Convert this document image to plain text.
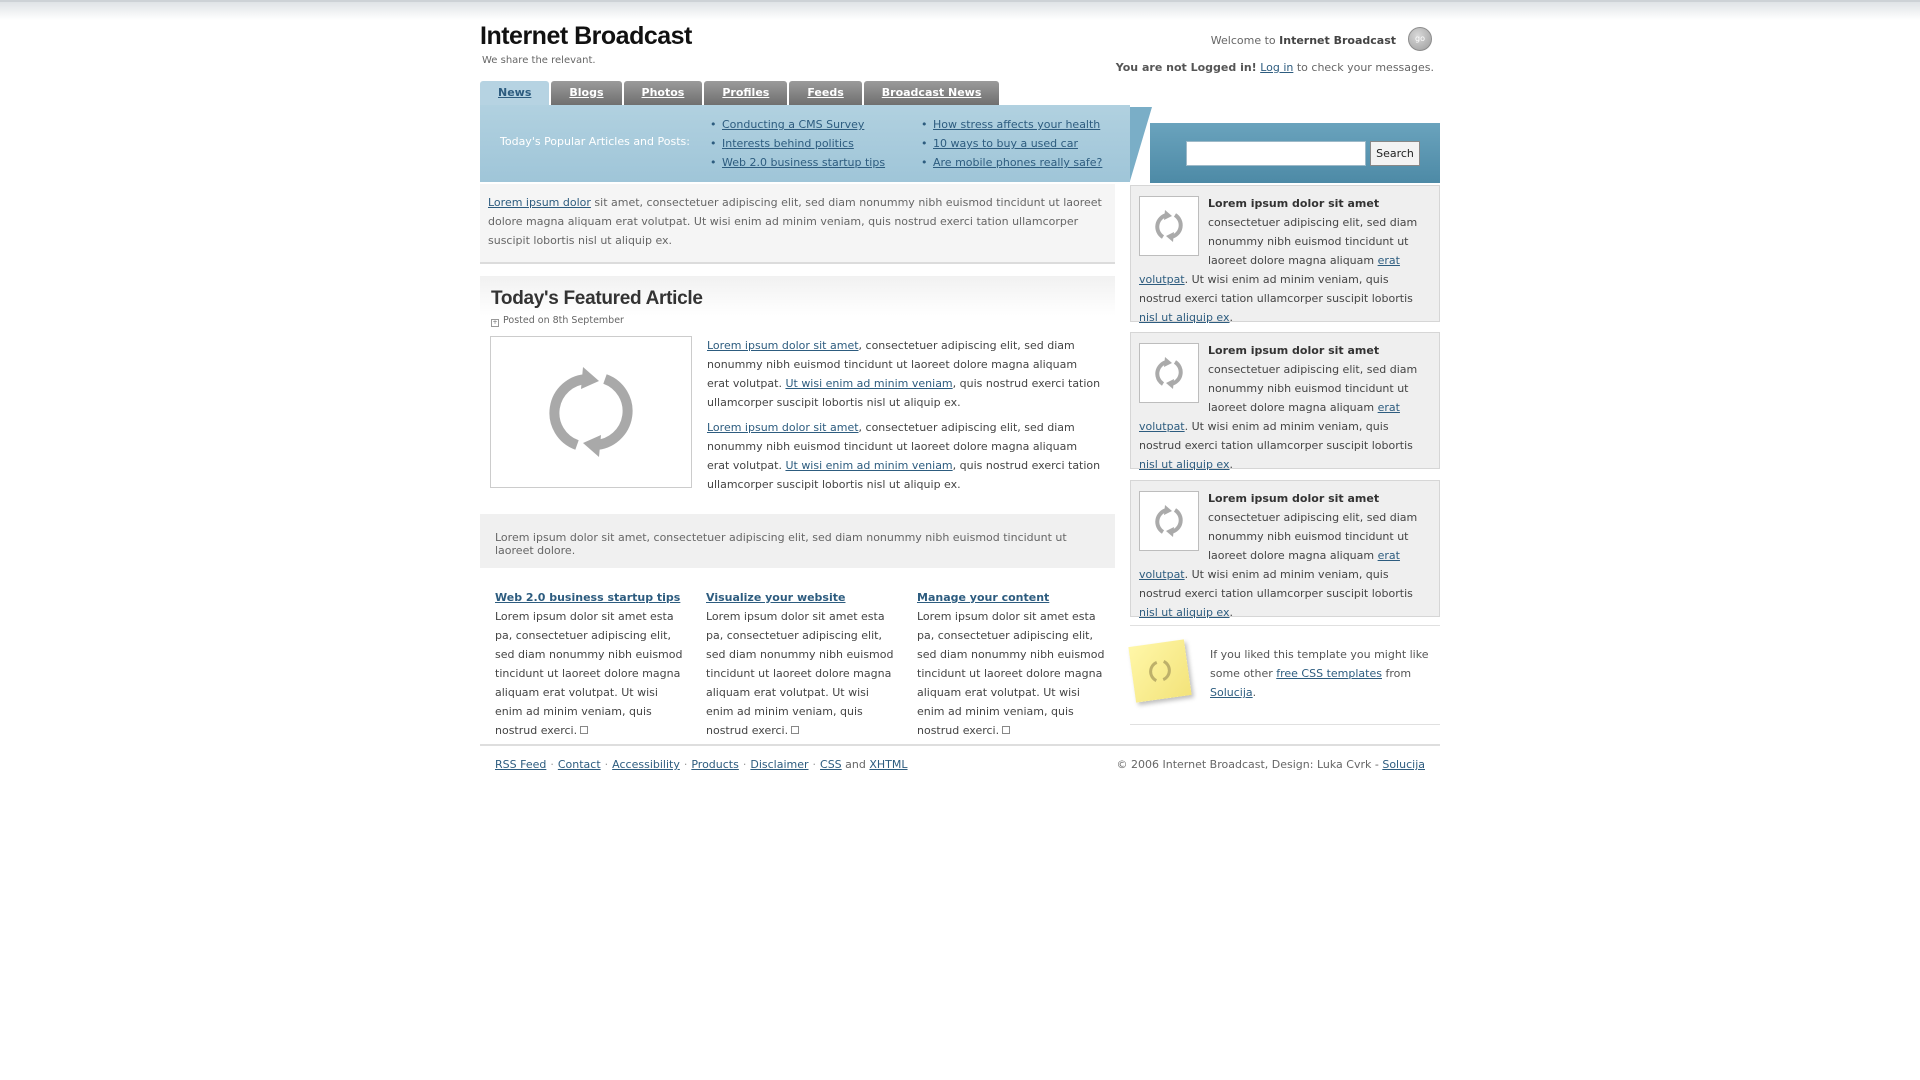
Internet Broadcast
We share the relevant.
Welcome to Internet Broadcast	go
You are not Logged in! Log in to check your messages.
News	Blogs	Photos	Profiles	Feeds	Broadcast News
Today's Popular Articles and Posts:
• Conducting a CMS Survey
• Interests behind politics
• Web 2.0 business startup tips
• How stress affects your health
• 10 ways to buy a used car
• Are mobile phones really safe?
Search
Lorem ipsum dolor sit amet, consectetuer adipiscing elit, sed diam nonummy nibh euismod tincidunt ut laoreet dolore magna aliquam erat volutpat. Ut wisi enim ad minim veniam, quis nostrud exerci tation ullamcorper suscipit lobortis nisl ut aliquip ex.
Today's Featured Article
+ Posted on 8th September

Lorem ipsum dolor sit amet, consectetuer adipiscing elit, sed diam nonummy nibh euismod tincidunt ut laoreet dolore magna aliquam erat volutpat. Ut wisi enim ad minim veniam, quis nostrud exerci tation ullamcorper suscipit lobortis nisl ut aliquip ex.

Lorem ipsum dolor sit amet, consectetuer adipiscing elit, sed diam nonummy nibh euismod tincidunt ut laoreet dolore magna aliquam erat volutpat. Ut wisi enim ad minim veniam, quis nostrud exerci tation ullamcorper suscipit lobortis nisl ut aliquip ex.

Lorem ipsum dolor sit amet, consectetuer adipiscing elit, sed diam nonummy nibh euismod tincidunt ut laoreet dolore.
Web 2.0 business startup tips
Lorem ipsum dolor sit amet esta pa, consectetuer adipiscing elit, sed diam nonummy nibh euismod tincidunt ut laoreet dolore magna aliquam erat volutpat. Ut wisi enim ad minim veniam, quis nostrud exerci.
Visualize your website
Lorem ipsum dolor sit amet esta pa, consectetuer adipiscing elit, sed diam nonummy nibh euismod tincidunt ut laoreet dolore magna aliquam erat volutpat. Ut wisi enim ad minim veniam, quis nostrud exerci.
Manage your content
Lorem ipsum dolor sit amet esta pa, consectetuer adipiscing elit, sed diam nonummy nibh euismod tincidunt ut laoreet dolore magna aliquam erat volutpat. Ut wisi enim ad minim veniam, quis nostrud exerci.
Lorem ipsum dolor sit amet consectetuer adipiscing elit, sed diam nonummy nibh euismod tincidunt ut laoreet dolore magna aliquam erat volutpat. Ut wisi enim ad minim veniam, quis nostrud exerci tation ullamcorper suscipit lobortis nisl ut aliquip ex.
Lorem ipsum dolor sit amet consectetuer adipiscing elit, sed diam nonummy nibh euismod tincidunt ut laoreet dolore magna aliquam erat volutpat. Ut wisi enim ad minim veniam, quis nostrud exerci tation ullamcorper suscipit lobortis nisl ut aliquip ex.
Lorem ipsum dolor sit amet consectetuer adipiscing elit, sed diam nonummy nibh euismod tincidunt ut laoreet dolore magna aliquam erat volutpat. Ut wisi enim ad minim veniam, quis nostrud exerci tation ullamcorper suscipit lobortis nisl ut aliquip ex.
If you liked this template you might like some other free CSS templates from Solucija.
RSS Feed · Contact · Accessibility · Products · Disclaimer · CSS and XHTML	© 2006 Internet Broadcast, Design: Luka Cvrk - Solucija
